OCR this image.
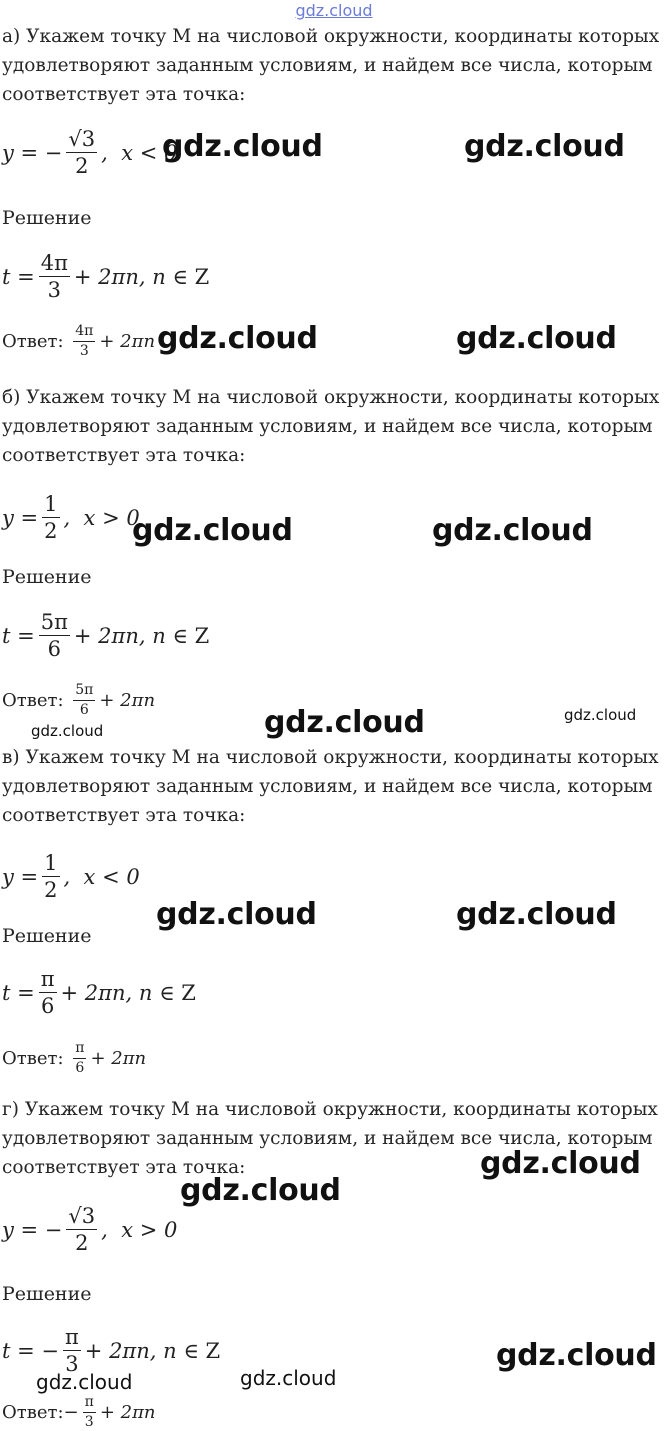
gdz.cloud
а) Укажем точку М на числовой окружности, координаты которых
удовлетворяют заданным условиям, и найдем все числа, которым
соответствует эта точка:
y = − $\frac{√3}{2}$ , x < 0
gdz.cloud	gdz.cloud
Решение
$t = \frac{4\pi}{3} + 2\pi n$, n
∈ Z
Ответ:
$\frac{4\pi}{3} + 2\pi n$ gdz.cloud	gdz.cloud
б) Укажем точку М на числовой окружности, координаты которых
удовлетворяют заданным условиям, и найдем все числа, которым
соответствует эта точка:
$y = \frac{1}{2}$ , x > 0
gdz.cloud	gdz.cloud
Решение
$t = \frac{5\pi}{6} + 2\pi n$, n
∈ Z
Ответ:
$\frac{5\pi}{6} + 2\pi n$
gdz.cloud	gdz.cloud	gdz.cloud
в) Укажем точку М на числовой окружности, координаты которых
удовлетворяют заданным условиям, и найдем все числа, которым
соответствует эта точка:
$y = \frac{1}{2}$ , x < 0
gdz.cloud	gdz.cloud
Решение
$t = \frac{\pi}{6} + 2\pi n$, n
∈ Z
Ответ:
$\frac{\pi}{6} + 2\pi n$
г) Укажем точку М на числовой окружности, координаты которых
удовлетворяют заданным условиям, и найдем все числа, которым
соответствует эта точка:	gdz.cloud
gdz.cloud
y = − $\frac{√3}{2}$ , x > 0
Решение
t = − $\frac{\pi}{3} + 2\pi n$, n
∈ Z	gdz.cloud
gdz.cloud	gdz.cloud
Ответ: − $\frac{\pi}{3} + 2\pi n$
